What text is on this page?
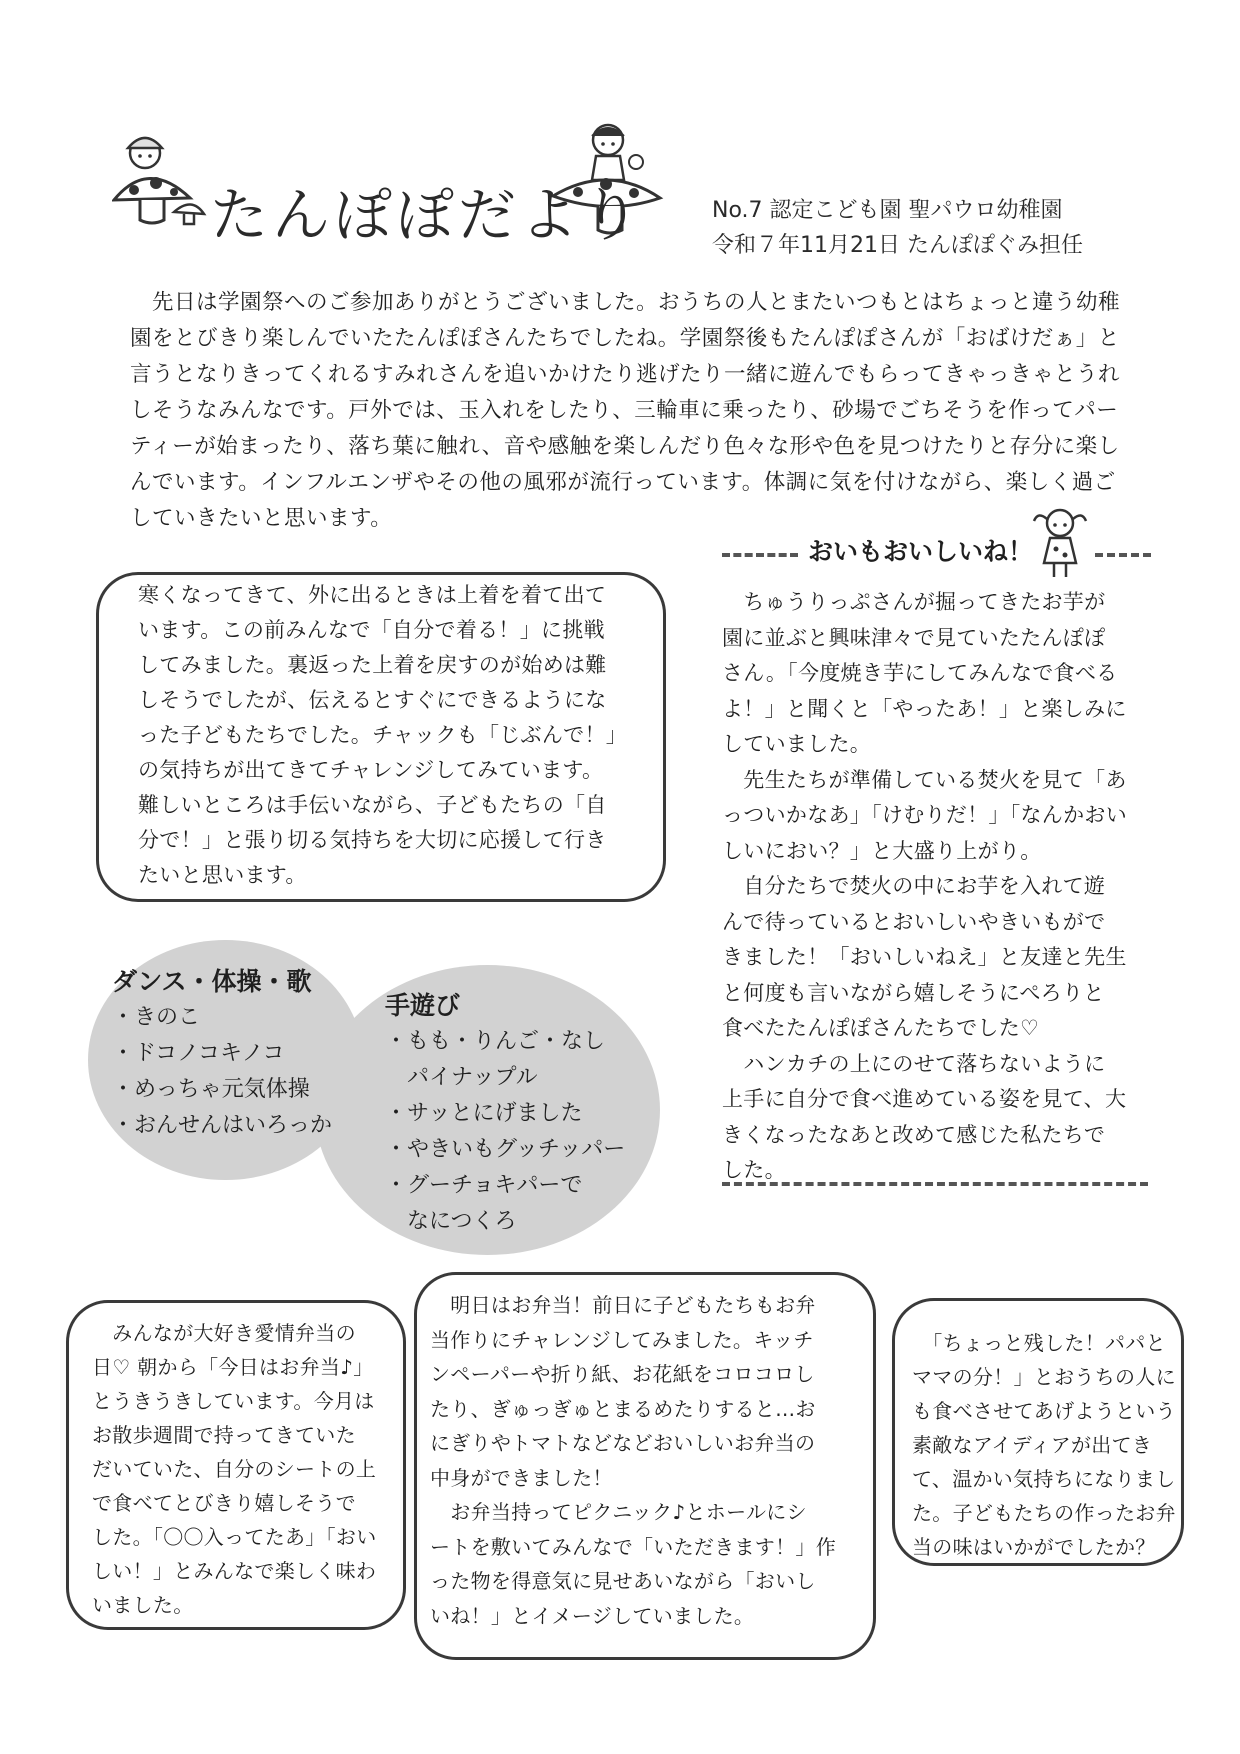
たんぽぽだより	No.7 認定こども園 聖パウロ幼稚園
令和７年11月21日 たんぽぽぐみ担任
　先日は学園祭へのご参加ありがとうございました。おうちの人とまたいつもとはちょっと違う幼稚
園をとびきり楽しんでいたたんぽぽさんたちでしたね。学園祭後もたんぽぽさんが「おばけだぁ」と
言うとなりきってくれるすみれさんを追いかけたり逃げたり一緒に遊んでもらってきゃっきゃとうれ
しそうなみんなです。戸外では、玉入れをしたり、三輪車に乗ったり、砂場でごちそうを作ってパー
ティーが始まったり、落ち葉に触れ、音や感触を楽しんだり色々な形や色を見つけたりと存分に楽し
んでいます。インフルエンザやその他の風邪が流行っています。体調に気を付けながら、楽しく過ご
していきたいと思います。
寒くなってきて、外に出るときは上着を着て出て
います。この前みんなで「自分で着る！」に挑戦
してみました。裏返った上着を戻すのが始めは難
しそうでしたが、伝えるとすぐにできるようにな
った子どもたちでした。チャックも「じぶんで！」
の気持ちが出てきてチャレンジしてみています。
難しいところは手伝いながら、子どもたちの「自
分で！」と張り切る気持ちを大切に応援して行き
たいと思います。
おいもおいしいね！
　ちゅうりっぷさんが掘ってきたお芋が
園に並ぶと興味津々で見ていたたんぽぽ
さん。「今度焼き芋にしてみんなで食べる
よ！」と聞くと「やったあ！」と楽しみに
していました。
　先生たちが準備している焚火を見て「あ
っついかなあ」「けむりだ！」「なんかおい
しいにおい？」と大盛り上がり。
　自分たちで焚火の中にお芋を入れて遊
んで待っているとおいしいやきいもがで
きました！「おいしいねえ」と友達と先生
と何度も言いながら嬉しそうにぺろりと
食べたたんぽぽさんたちでした♡
　ハンカチの上にのせて落ちないように
上手に自分で食べ進めている姿を見て、大
きくなったなあと改めて感じた私たちで
した。
ダンス・体操・歌
・きのこ
・ドコノコキノコ
・めっちゃ元気体操
・おんせんはいろっか
手遊び
・もも・りんご・なし
　パイナップル
・サッとにげました
・やきいもグッチッパー
・グーチョキパーで
　なにつくろ
　みんなが大好き愛情弁当の
日♡ 朝から「今日はお弁当♪」
とうきうきしています。今月は
お散歩週間で持ってきていた
だいていた、自分のシートの上
で食べてとびきり嬉しそうで
した。「〇〇入ってたあ」「おい
しい！」とみんなで楽しく味わ
いました。
　明日はお弁当！前日に子どもたちもお弁
当作りにチャレンジしてみました。キッチ
ンペーパーや折り紙、お花紙をコロコロし
たり、ぎゅっぎゅとまるめたりすると…お
にぎりやトマトなどなどおいしいお弁当の
中身ができました！
　お弁当持ってピクニック♪とホールにシ
ートを敷いてみんなで「いただきます！」作
った物を得意気に見せあいながら「おいし
いね！」とイメージしていました。
　「ちょっと残した！パパと
ママの分！」とおうちの人に
も食べさせてあげようという
素敵なアイディアが出てき
て、温かい気持ちになりまし
た。子どもたちの作ったお弁
当の味はいかがでしたか？
